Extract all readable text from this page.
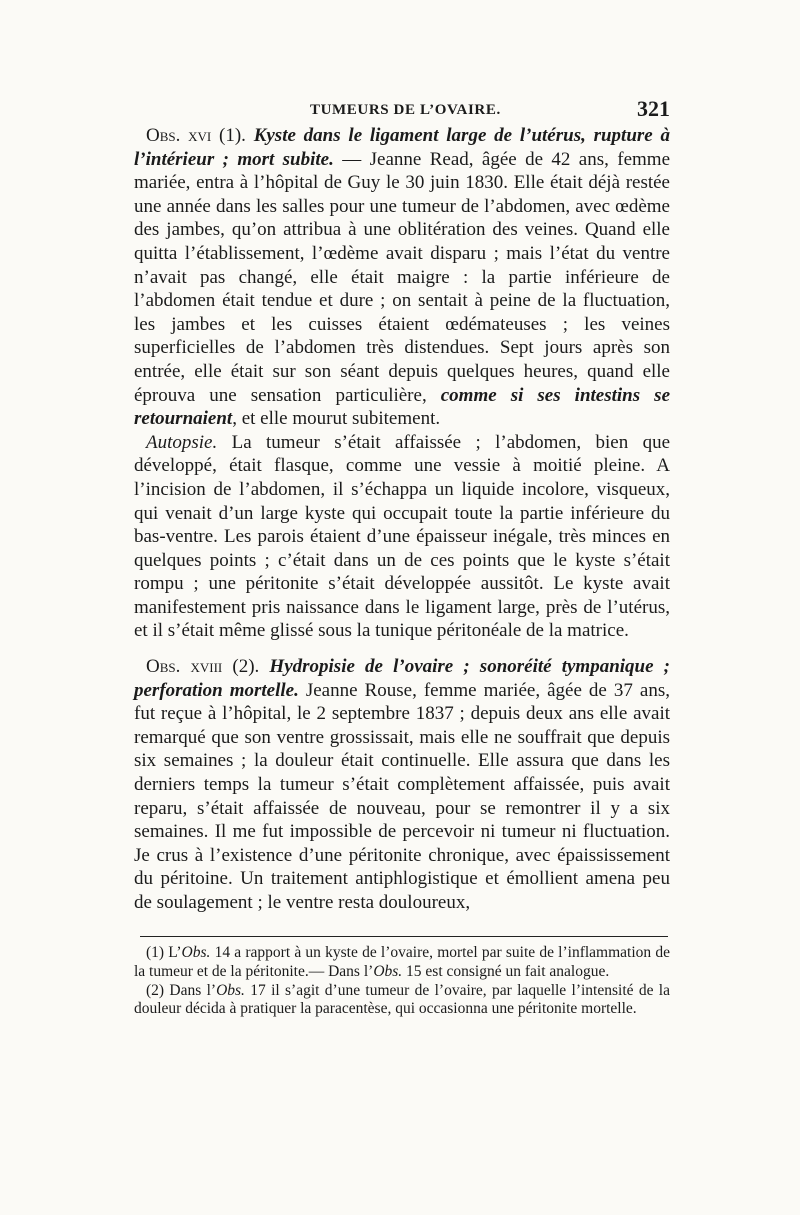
TUMEURS DE L’OVAIRE.	321

Obs. xvi (1). Kyste dans le ligament large de l’utérus, rupture à l’intérieur ; mort subite. — Jeanne Read, âgée de 42 ans, femme mariée, entra à l’hôpital de Guy le 30 juin 1830. Elle était déjà restée une année dans les salles pour une tumeur de l’abdomen, avec œdème des jambes, qu’on attribua à une oblitération des veines. Quand elle quitta l’établissement, l’œdème avait disparu ; mais l’état du ventre n’avait pas changé, elle était maigre : la partie inférieure de l’abdomen était tendue et dure ; on sentait à peine de la fluctuation, les jambes et les cuisses étaient œdémateuses ; les veines superficielles de l’abdomen très distendues. Sept jours après son entrée, elle était sur son séant depuis quelques heures, quand elle éprouva une sensation particulière, comme si ses intestins se retournaient, et elle mourut subitement.

Autopsie. La tumeur s’était affaissée ; l’abdomen, bien que développé, était flasque, comme une vessie à moitié pleine. A l’incision de l’abdomen, il s’échappa un liquide incolore, visqueux, qui venait d’un large kyste qui occupait toute la partie inférieure du bas-ventre. Les parois étaient d’une épaisseur inégale, très minces en quelques points ; c’était dans un de ces points que le kyste s’était rompu ; une péritonite s’était développée aussitôt. Le kyste avait manifestement pris naissance dans le ligament large, près de l’utérus, et il s’était même glissé sous la tunique péritonéale de la matrice.

Obs. xviii (2). Hydropisie de l’ovaire ; sonoréité tympanique ; perforation mortelle. Jeanne Rouse, femme mariée, âgée de 37 ans, fut reçue à l’hôpital, le 2 septembre 1837 ; depuis deux ans elle avait remarqué que son ventre grossissait, mais elle ne souffrait que depuis six semaines ; la douleur était continuelle. Elle assura que dans les derniers temps la tumeur s’était complètement affaissée, puis avait reparu, s’était affaissée de nouveau, pour se remontrer il y a six semaines. Il me fut impossible de percevoir ni tumeur ni fluctuation. Je crus à l’existence d’une péritonite chronique, avec épaississement du péritoine. Un traitement antiphlogistique et émollient amena peu de soulagement ; le ventre resta douloureux,

(1) L’Obs. 14 a rapport à un kyste de l’ovaire, mortel par suite de l’inflammation de la tumeur et de la péritonite.— Dans l’Obs. 15 est consigné un fait analogue.

(2) Dans l’Obs. 17 il s’agit d’une tumeur de l’ovaire, par laquelle l’intensité de la douleur décida à pratiquer la paracentèse, qui occasionna une péritonite mortelle.
